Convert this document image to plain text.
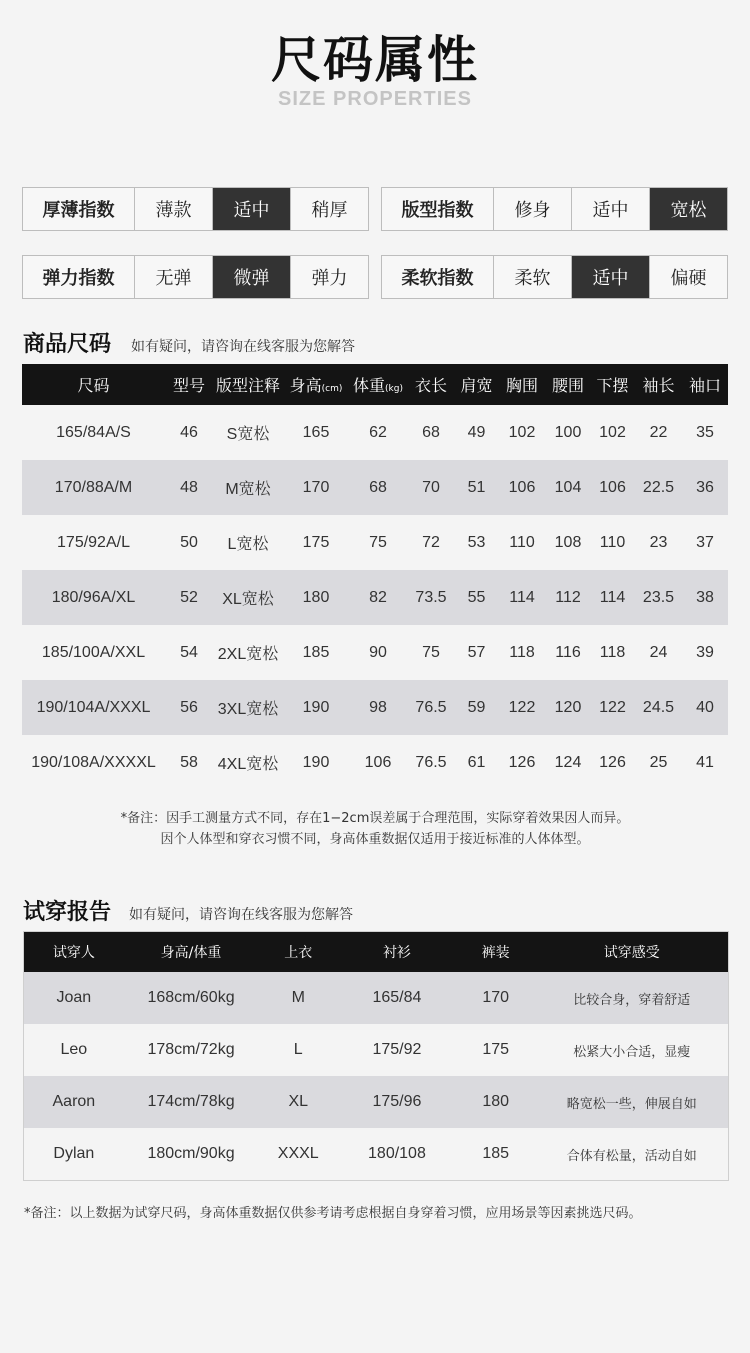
尺码属性
SIZE PROPERTIES
厚薄指数	薄款	适中	稍厚	版型指数	修身	适中	宽松
弹力指数	无弹	微弹	弹力	柔软指数	柔软	适中	偏硬
商品尺码 如有疑问，请咨询在线客服为您解答
尺码	型号 版型注释 身高(cm) 体重(kg) 衣长 肩宽 胸围 腰围 下摆 袖长 袖口
165/84A/S	46	S宽松	165	62	68	49	102	100	102	22	35
170/88A/M	48	M宽松	170	68	70	51	106	104	106	22.5	36
175/92A/L	50	L宽松	175	75	72	53	110	108	110	23	37
180/96A/XL	52	XL宽松	180	82	73.5	55	114	112	114	23.5	38
185/100A/XXL	54	2XL宽松	185	90	75	57	118	116	118	24	39
190/104A/XXXL	56	3XL宽松	190	98	76.5	59	122	120	122	24.5	40
190/108A/XXXXL	58	4XL宽松	190	106	76.5	61	126	124	126	25	41
*备注：因手工测量方式不同，存在1−2cm误差属于合理范围，实际穿着效果因人而异。
因个人体型和穿衣习惯不同，身高体重数据仅适用于接近标准的人体体型。
试穿报告 如有疑问，请咨询在线客服为您解答
试穿人	身高/体重	上衣	衬衫	裤装	试穿感受
Joan	168cm/60kg	M	165/84	170	比较合身，穿着舒适
Leo	178cm/72kg	L	175/92	175	松紧大小合适，显瘦
Aaron	174cm/78kg	XL	175/96	180	略宽松一些，伸展自如
Dylan	180cm/90kg	XXXL	180/108	185	合体有松量，活动自如
*备注：以上数据为试穿尺码，身高体重数据仅供参考请考虑根据自身穿着习惯，应用场景等因素挑选尺码。
